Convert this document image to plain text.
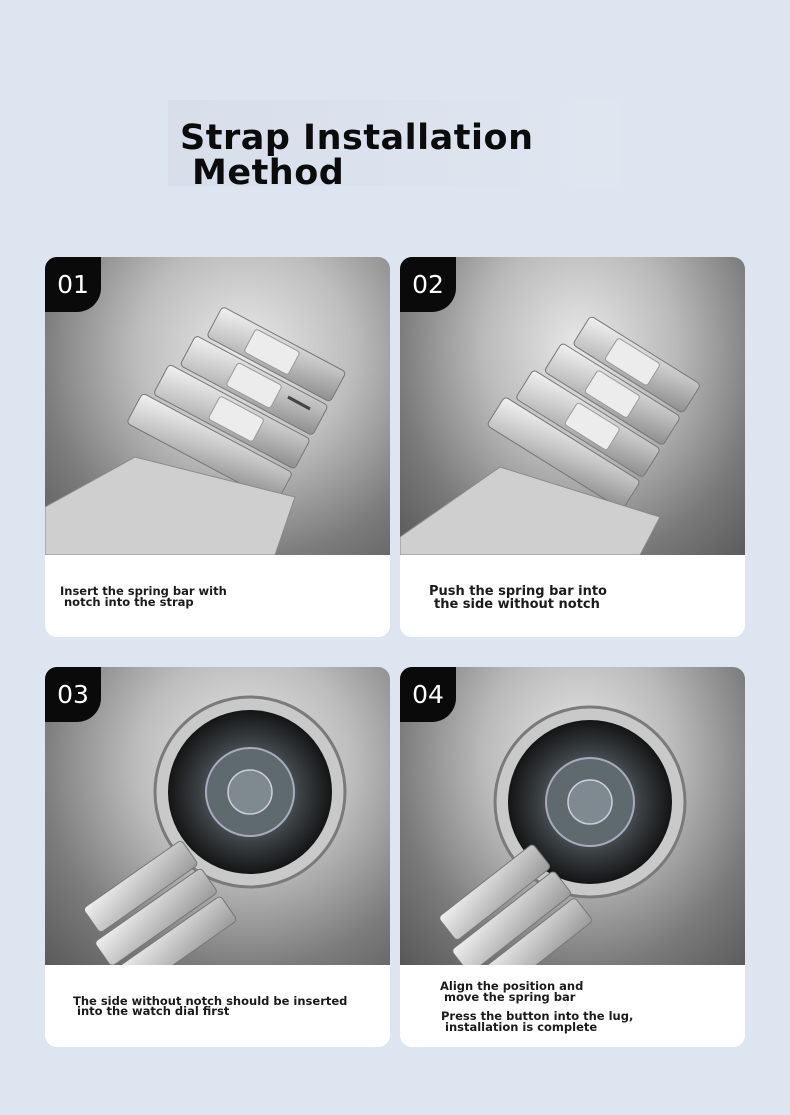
Strap Installation
Method
01
Insert the spring bar with
notch into the strap
02
Push the spring bar into
the side without notch
03
The side without notch should be inserted
into the watch dial first
04
Align the position and
move the spring bar
Press the button into the lug,
installation is complete
